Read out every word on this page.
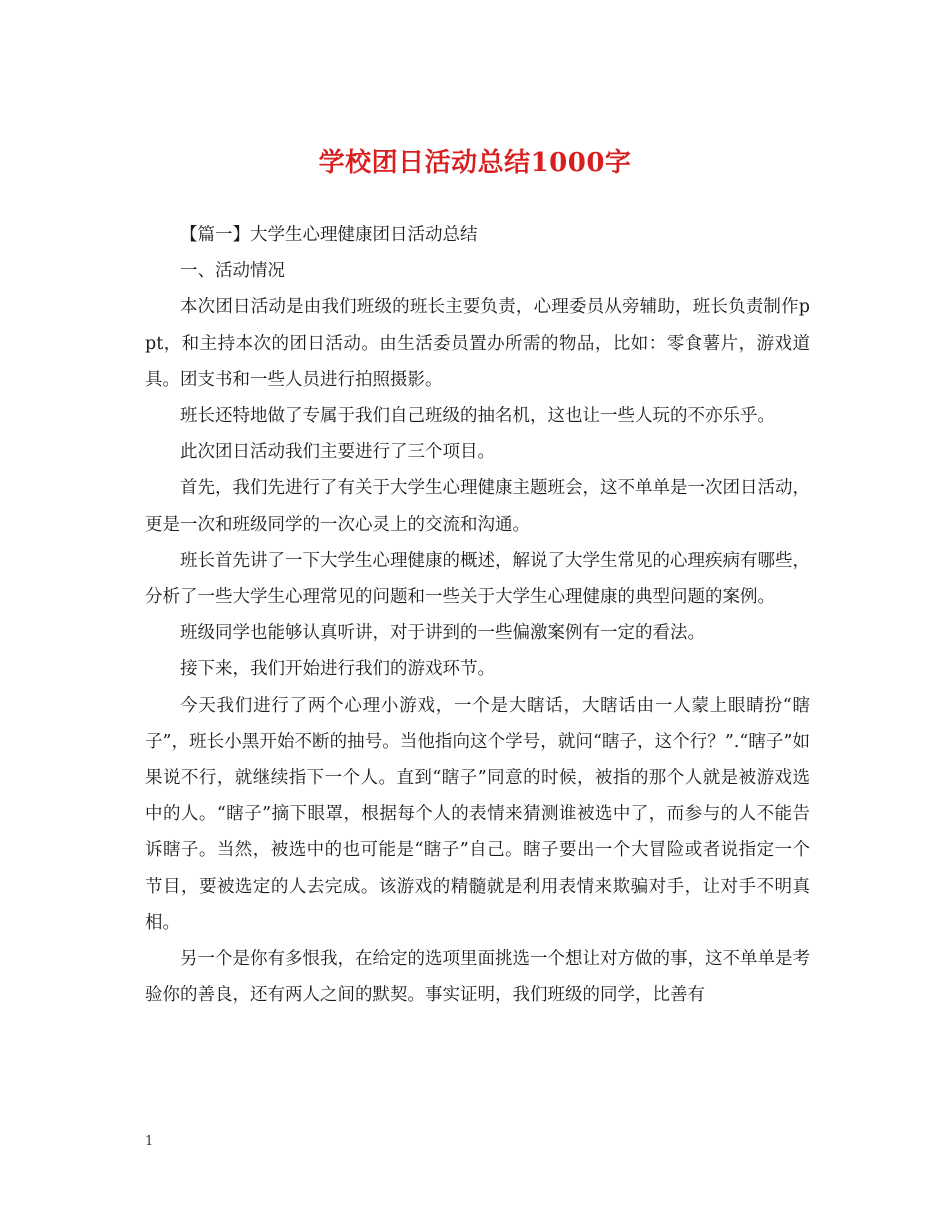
学校团日活动总结1000字

【篇一】大学生心理健康团日活动总结

一、活动情况

本次团日活动是由我们班级的班长主要负责，心理委员从旁辅助，班长负责制作ppt，和主持本次的团日活动。由生活委员置办所需的物品，比如：零食薯片，游戏道具。团支书和一些人员进行拍照摄影。

班长还特地做了专属于我们自己班级的抽名机，这也让一些人玩的不亦乐乎。

此次团日活动我们主要进行了三个项目。

首先，我们先进行了有关于大学生心理健康主题班会，这不单单是一次团日活动，更是一次和班级同学的一次心灵上的交流和沟通。

班长首先讲了一下大学生心理健康的概述，解说了大学生常见的心理疾病有哪些，分析了一些大学生心理常见的问题和一些关于大学生心理健康的典型问题的案例。

班级同学也能够认真听讲，对于讲到的一些偏激案例有一定的看法。

接下来，我们开始进行我们的游戏环节。

今天我们进行了两个心理小游戏，一个是大瞎话，大瞎话由一人蒙上眼睛扮“瞎子”，班长小黑开始不断的抽号。当他指向这个学号，就问“瞎子，这个行？”.“瞎子”如果说不行，就继续指下一个人。直到“瞎子”同意的时候，被指的那个人就是被游戏选中的人。“瞎子”摘下眼罩，根据每个人的表情来猜测谁被选中了，而参与的人不能告诉瞎子。当然，被选中的也可能是“瞎子”自己。瞎子要出一个大冒险或者说指定一个节目，要被选定的人去完成。该游戏的精髓就是利用表情来欺骗对手，让对手不明真 相。

另一个是你有多恨我，在给定的选项里面挑选一个想让对方做的事，这不单单是考验你的善良，还有两人之间的默契。事实证明，我们班级的同学，比善有

1
